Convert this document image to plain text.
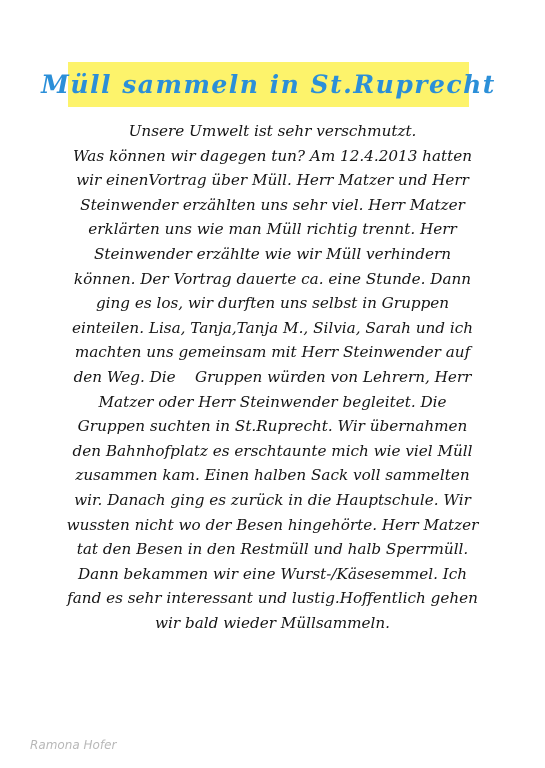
Müll sammeln in St.Ruprecht
Unsere Umwelt ist sehr verschmutzt.
Was können wir dagegen tun? Am 12.4.2013 hatten
wir einenVortrag über Müll. Herr Matzer und Herr
Steinwender erzählten uns sehr viel. Herr Matzer
erklärten uns wie man Müll richtig trennt. Herr
Steinwender erzählte wie wir Müll verhindern
können. Der Vortrag dauerte ca. eine Stunde. Dann
ging es los, wir durften uns selbst in Gruppen
einteilen. Lisa, Tanja,Tanja M., Silvia, Sarah und ich
machten uns gemeinsam mit Herr Steinwender auf
den Weg. Die    Gruppen würden von Lehrern, Herr
Matzer oder Herr Steinwender begleitet. Die
Gruppen suchten in St.Ruprecht. Wir übernahmen
den Bahnhofplatz es erschtaunte mich wie viel Müll
zusammen kam. Einen halben Sack voll sammelten
wir. Danach ging es zurück in die Hauptschule. Wir
wussten nicht wo der Besen hingehörte. Herr Matzer
tat den Besen in den Restmüll und halb Sperrmüll.
Dann bekammen wir eine Wurst-/Käsesemmel. Ich
fand es sehr interessant und lustig.Hoffentlich gehen
wir bald wieder Müllsammeln.
Ramona Hofer
